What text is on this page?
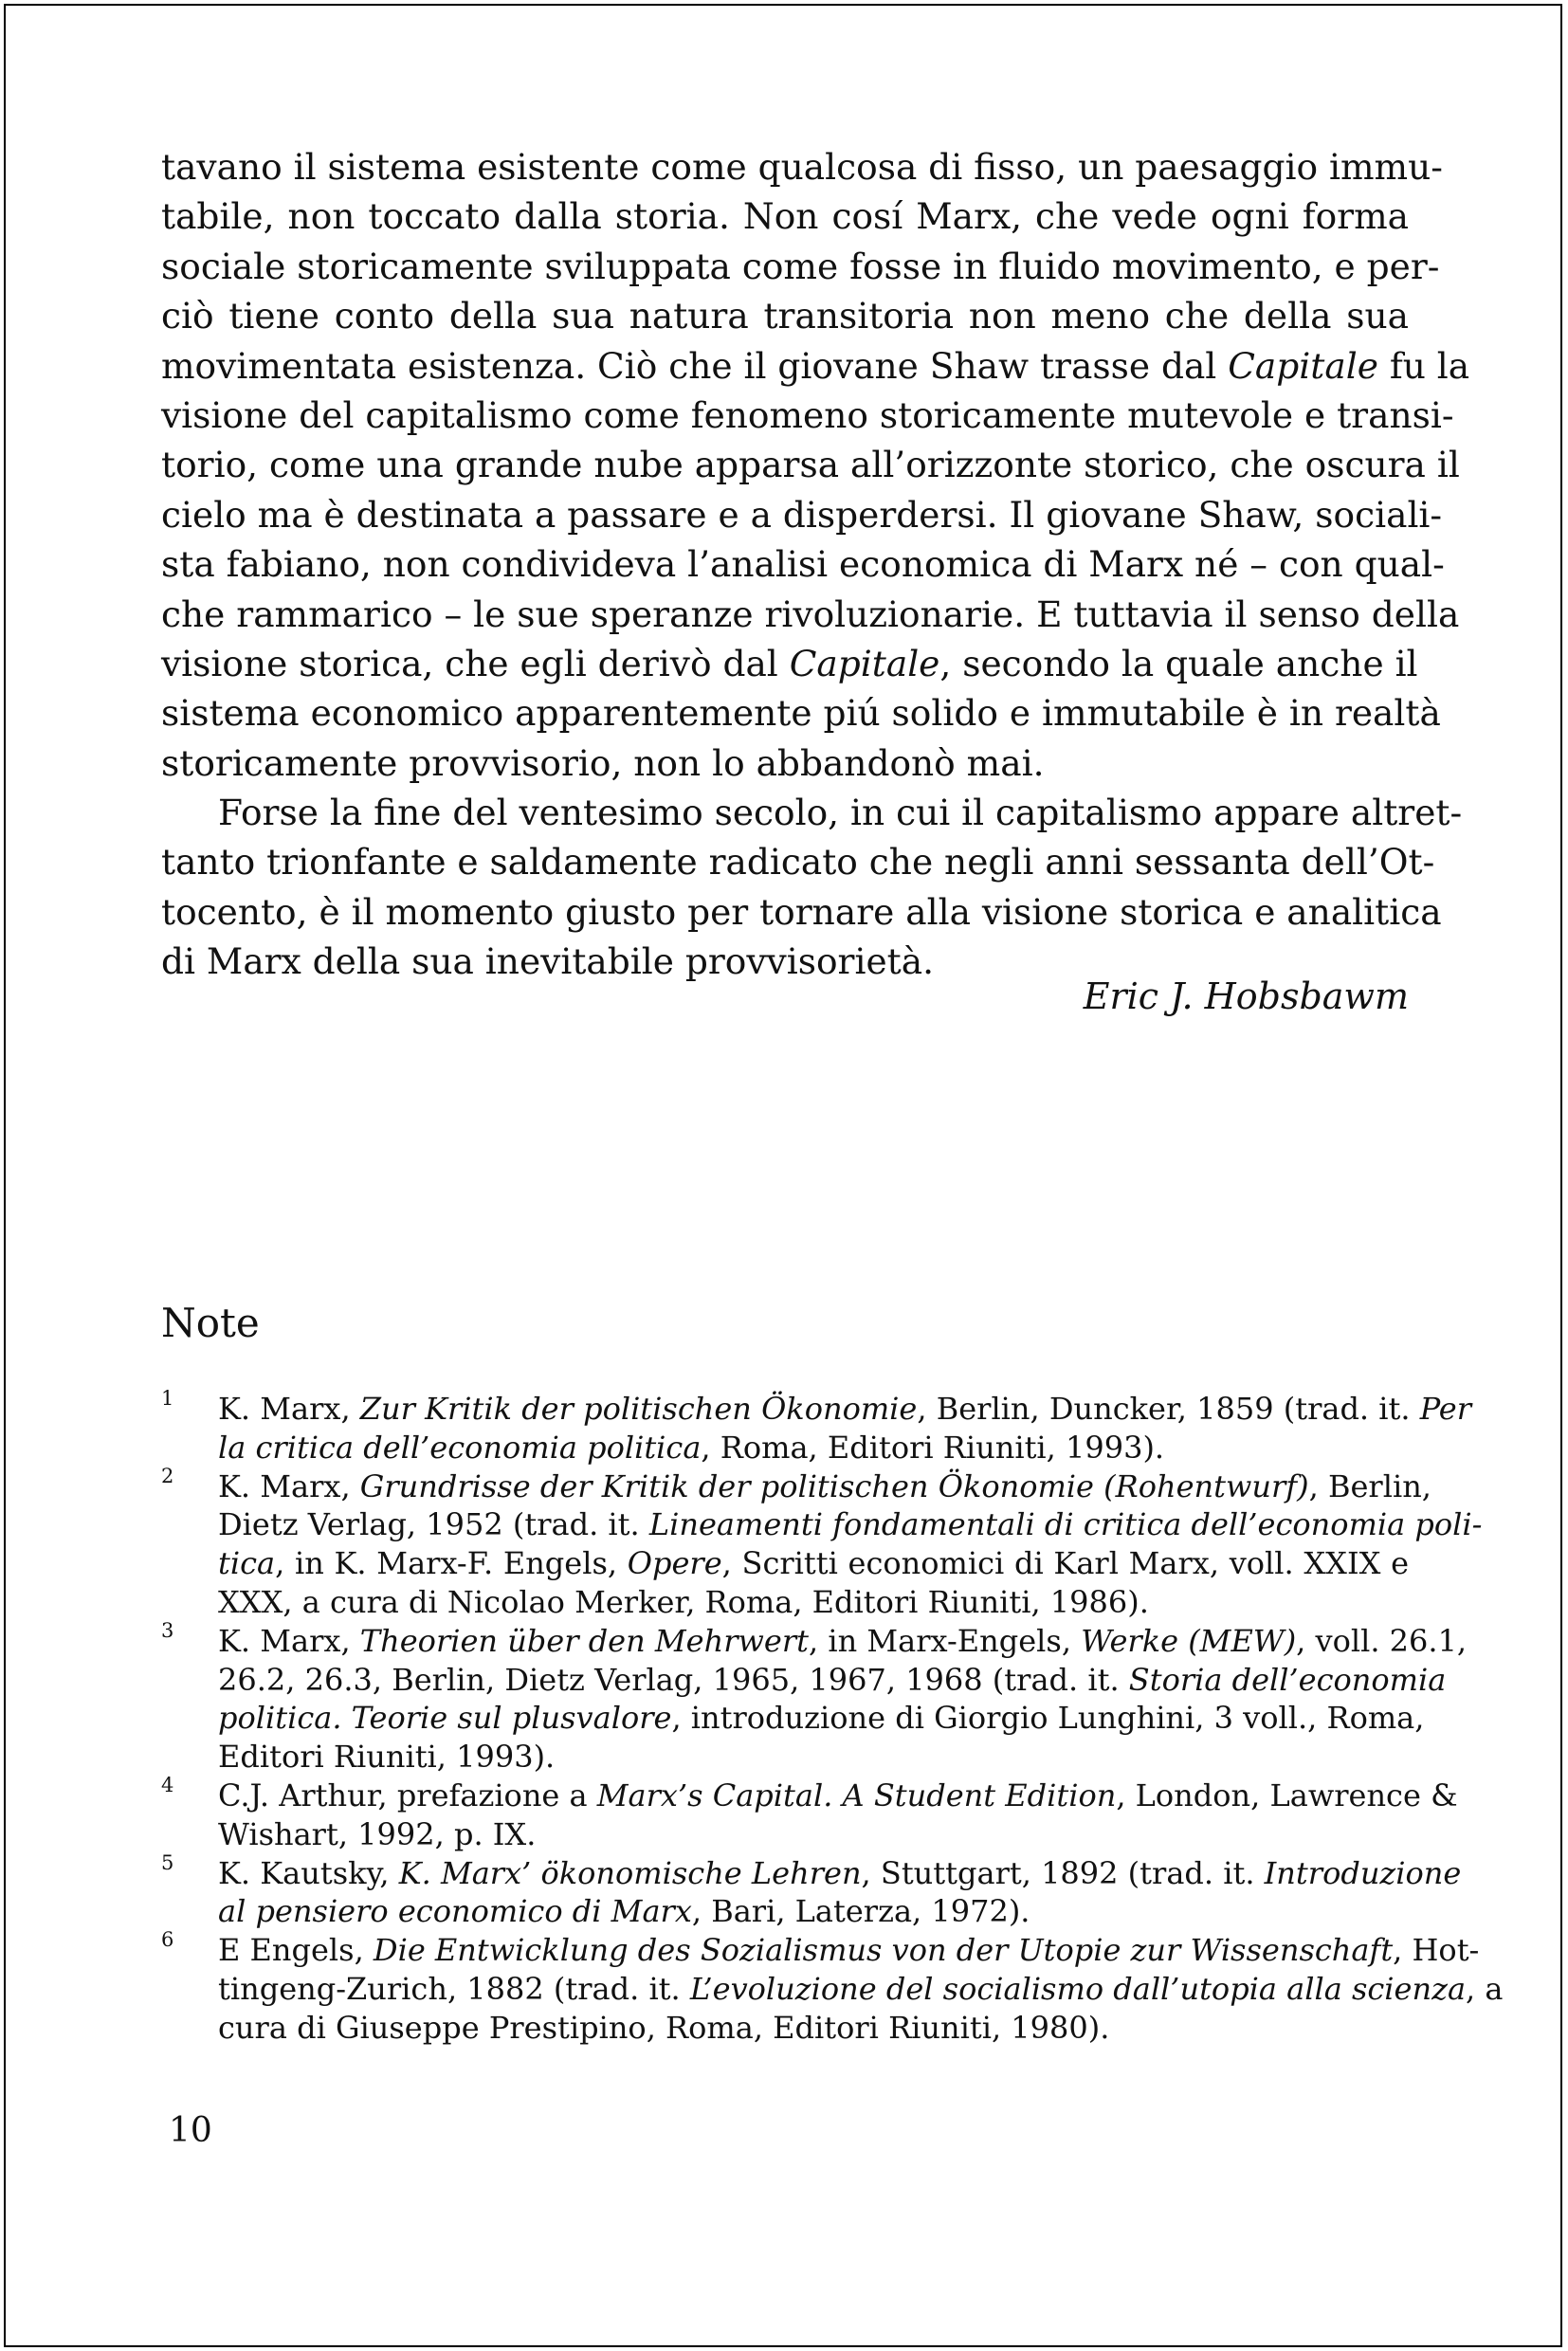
tavano il sistema esistente come qualcosa di fisso, un paesaggio immu-
tabile, non toccato dalla storia. Non cosí Marx, che vede ogni forma
sociale storicamente sviluppata come fosse in fluido movimento, e per-
ciò tiene conto della sua natura transitoria non meno che della sua
movimentata esistenza. Ciò che il giovane Shaw trasse dal Capitale fu la
visione del capitalismo come fenomeno storicamente mutevole e transi-
torio, come una grande nube apparsa all’orizzonte storico, che oscura il
cielo ma è destinata a passare e a disperdersi. Il giovane Shaw, sociali-
sta fabiano, non condivideva l’analisi economica di Marx né – con qual-
che rammarico – le sue speranze rivoluzionarie. E tuttavia il senso della
visione storica, che egli derivò dal Capitale, secondo la quale anche il
sistema economico apparentemente piú solido e immutabile è in realtà
storicamente provvisorio, non lo abbandonò mai.
Forse la fine del ventesimo secolo, in cui il capitalismo appare altret-
tanto trionfante e saldamente radicato che negli anni sessanta dell’Ot-
tocento, è il momento giusto per tornare alla visione storica e analitica
di Marx della sua inevitabile provvisorietà.
Eric J. Hobsbawm
Note
1 K. Marx, Zur Kritik der politischen Ökonomie, Berlin, Duncker, 1859 (trad. it. Per
la critica dell’economia politica, Roma, Editori Riuniti, 1993).
2 K. Marx, Grundrisse der Kritik der politischen Ökonomie (Rohentwurf), Berlin,
Dietz Verlag, 1952 (trad. it. Lineamenti fondamentali di critica dell’economia poli-
tica, in K. Marx-F. Engels, Opere, Scritti economici di Karl Marx, voll. XXIX e
XXX, a cura di Nicolao Merker, Roma, Editori Riuniti, 1986).
3 K. Marx, Theorien über den Mehrwert, in Marx-Engels, Werke (MEW), voll. 26.1,
26.2, 26.3, Berlin, Dietz Verlag, 1965, 1967, 1968 (trad. it. Storia dell’economia
politica. Teorie sul plusvalore, introduzione di Giorgio Lunghini, 3 voll., Roma,
Editori Riuniti, 1993).
4 C.J. Arthur, prefazione a Marx’s Capital. A Student Edition, London, Lawrence &
Wishart, 1992, p. IX.
5 K. Kautsky, K. Marx’ ökonomische Lehren, Stuttgart, 1892 (trad. it. Introduzione
al pensiero economico di Marx, Bari, Laterza, 1972).
6 E Engels, Die Entwicklung des Sozialismus von der Utopie zur Wissenschaft, Hot-
tingeng-Zurich, 1882 (trad. it. L’evoluzione del socialismo dall’utopia alla scienza, a
cura di Giuseppe Prestipino, Roma, Editori Riuniti, 1980).
10
